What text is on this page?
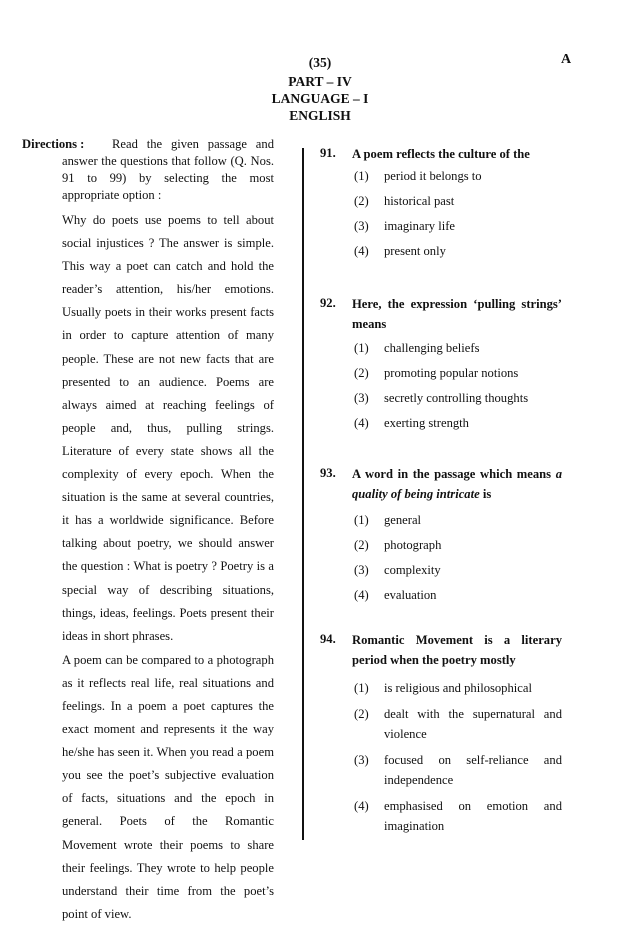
(35)	A
PART – IV
LANGUAGE – I
ENGLISH
Directions :	Read the given passage and answer the questions that follow (Q. Nos. 91 to 99) by selecting the most appropriate option :

Why do poets use poems to tell about social injustices ? The answer is simple. This way a poet can catch and hold the reader’s attention, his/her emotions. Usually poets in their works present facts in order to capture attention of many people. These are not new facts that are presented to an audience. Poems are always aimed at reaching feelings of people and, thus, pulling strings. Literature of every state shows all the complexity of every epoch. When the situation is the same at several countries, it has a worldwide significance. Before talking about poetry, we should answer the question : What is poetry ? Poetry is a special way of describing situations, things, ideas, feelings. Poets present their ideas in short phrases.

A poem can be compared to a photograph as it reflects real life, real situations and feelings. In a poem a poet captures the exact moment and represents it the way he/she has seen it. When you read a poem you see the poet’s subjective evaluation of facts, situations and the epoch in general. Poets of the Romantic Movement wrote their poems to share their feelings. They wrote to help people understand their time from the poet’s point of view.

91. A poem reflects the culture of the
(1) period it belongs to
(2) historical past
(3) imaginary life
(4) present only
92. Here, the expression ‘pulling strings’ means
(1) challenging beliefs
(2) promoting popular notions
(3) secretly controlling thoughts
(4) exerting strength
93. A word in the passage which means a quality of being intricate is
(1) general
(2) photograph
(3) complexity
(4) evaluation
94. Romantic Movement is a literary period when the poetry mostly
(1) is religious and philosophical
(2) dealt with the supernatural and violence
(3) focused on self-reliance and independence
(4) emphasised on emotion and imagination
